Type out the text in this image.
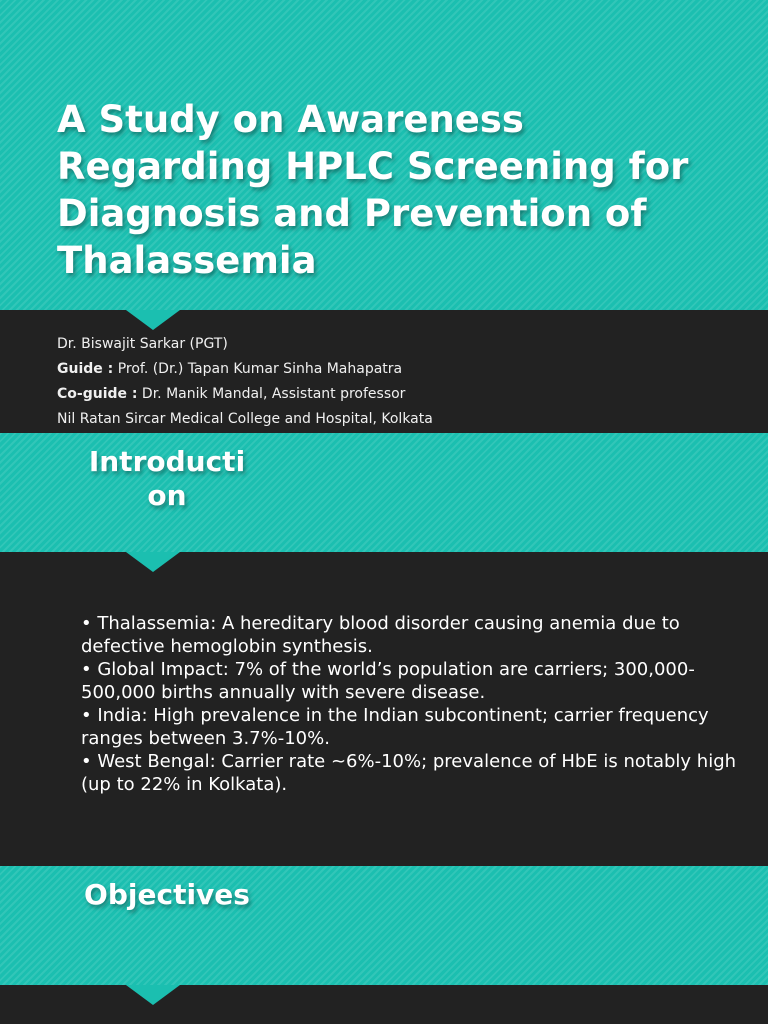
A Study on Awareness Regarding HPLC Screening for Diagnosis and Prevention of Thalassemia
Dr. Biswajit Sarkar (PGT)
Guide : Prof. (Dr.) Tapan Kumar Sinha Mahapatra
Co-guide : Dr. Manik Mandal, Assistant professor
Nil Ratan Sircar Medical College and Hospital, Kolkata
Introduction
• Thalassemia: A hereditary blood disorder causing anemia due to defective hemoglobin synthesis.
• Global Impact: 7% of the world’s population are carriers; 300,000-500,000 births annually with severe disease.
• India: High prevalence in the Indian subcontinent; carrier frequency ranges between 3.7%-10%.
• West Bengal: Carrier rate ~6%-10%; prevalence of HbE is notably high (up to 22% in Kolkata).
Objectives
